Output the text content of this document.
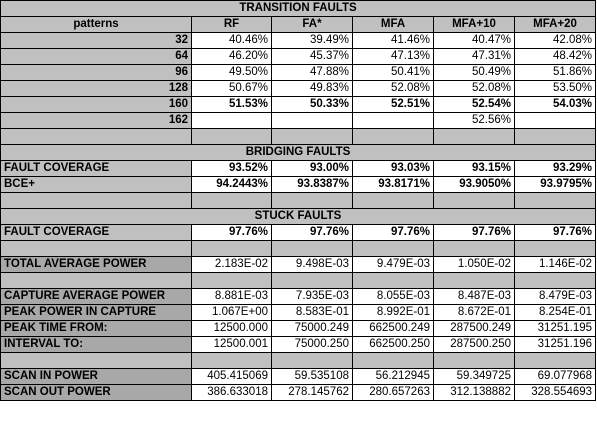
TRANSITION FAULTS					
patterns	RF	FA*	MFA	MFA+10	MFA+20
32	40.46%	39.49%	41.46%	40.47%	42.08%
64	46.20%	45.37%	47.13%	47.31%	48.42%
96	49.50%	47.88%	50.41%	50.49%	51.86%
128	50.67%	49.83%	52.08%	52.08%	53.50%
160	51.53%	50.33%	52.51%	52.54%	54.03%
162				52.56%	

BRIDGING FAULTS					
FAULT COVERAGE	93.52%	93.00%	93.03%	93.15%	93.29%
BCE+	94.2443%	93.8387%	93.8171%	93.9050%	93.9795%

STUCK FAULTS					
FAULT COVERAGE	97.76%	97.76%	97.76%	97.76%	97.76%

TOTAL AVERAGE POWER	2.183E-02	9.498E-03	9.479E-03	1.050E-02	1.146E-02

CAPTURE AVERAGE POWER	8.881E-03	7.935E-03	8.055E-03	8.487E-03	8.479E-03
PEAK POWER IN CAPTURE	1.067E+00	8.583E-01	8.992E-01	8.672E-01	8.254E-01
PEAK TIME FROM:	12500.000	75000.249	662500.249	287500.249	31251.195
INTERVAL TO:	12500.001	75000.250	662500.250	287500.250	31251.196

SCAN IN POWER	405.415069	59.535108	56.212945	59.349725	69.077968
SCAN OUT POWER	386.633018	278.145762	280.657263	312.138882	328.554693
